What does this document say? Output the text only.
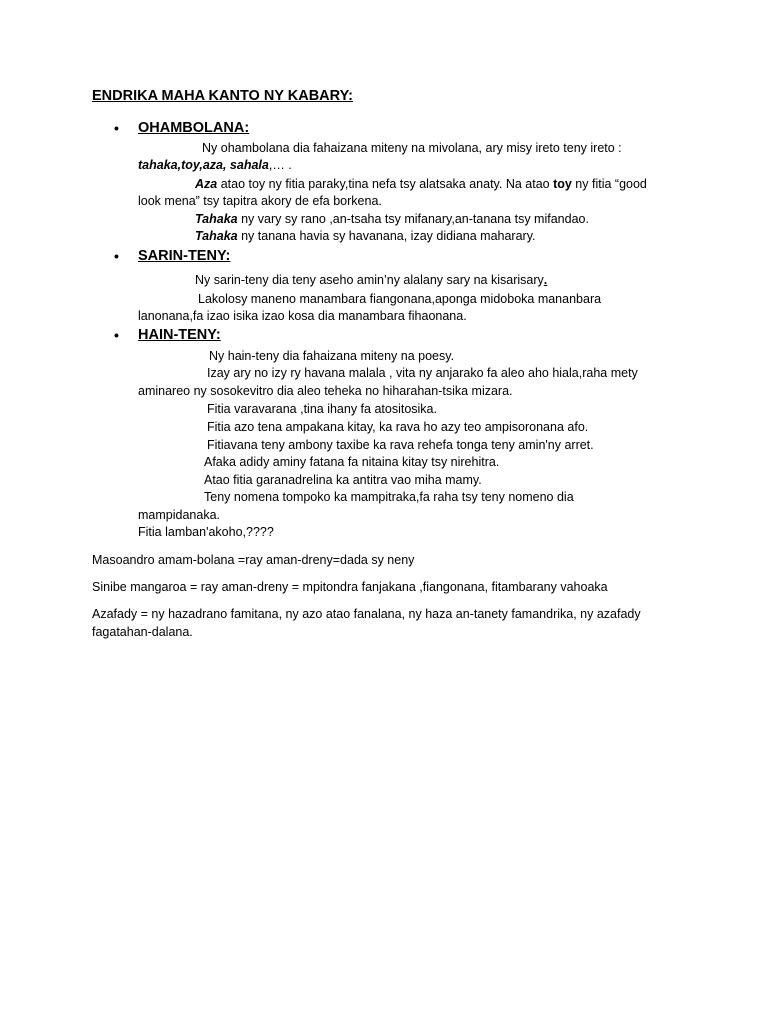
ENDRIKA MAHA KANTO NY KABARY:
• OHAMBOLANA:
Ny ohambolana dia fahaizana miteny na mivolana, ary misy ireto teny ireto :
tahaka,toy,aza, sahala,… .
Aza atao toy ny fitia paraky,tina nefa tsy alatsaka anaty. Na atao toy ny fitia “good
look mena” tsy tapitra akory de efa borkena.
Tahaka ny vary sy rano ,an-tsaha tsy mifanary,an-tanana tsy mifandao.
Tahaka ny tanana havia sy havanana, izay didiana maharary.
• SARIN-TENY:
Ny sarin-teny dia teny aseho amin’ny alalany sary na kisarisary.
Lakolosy maneno manambara fiangonana,aponga midoboka mananbara
lanonana,fa izao isika izao kosa dia manambara fihaonana.
• HAIN-TENY:
Ny hain-teny dia fahaizana miteny na poesy.
Izay ary no izy ry havana malala , vita ny anjarako fa aleo aho hiala,raha mety
aminareo ny sosokevitro dia aleo teheka no hiharahan-tsika mizara.
Fitia varavarana ,tina ihany fa atositosika.
Fitia azo tena ampakana kitay, ka rava ho azy teo ampisoronana afo.
Fitiavana teny ambony taxibe ka rava rehefa tonga teny amin'ny arret.
Afaka adidy aminy fatana fa nitaina kitay tsy nirehitra.
Atao fitia garanadrelina ka antitra vao miha mamy.
Teny nomena tompoko ka mampitraka,fa raha tsy teny nomeno dia
mampidanaka.
Fitia lamban'akoho,????
Masoandro amam-bolana =ray aman-dreny=dada sy neny
Sinibe mangaroa = ray aman-dreny = mpitondra fanjakana ,fiangonana, fitambarany vahoaka
Azafady = ny hazadrano famitana, ny azo atao fanalana, ny haza an-tanety famandrika, ny azafady
fagatahan-dalana.
